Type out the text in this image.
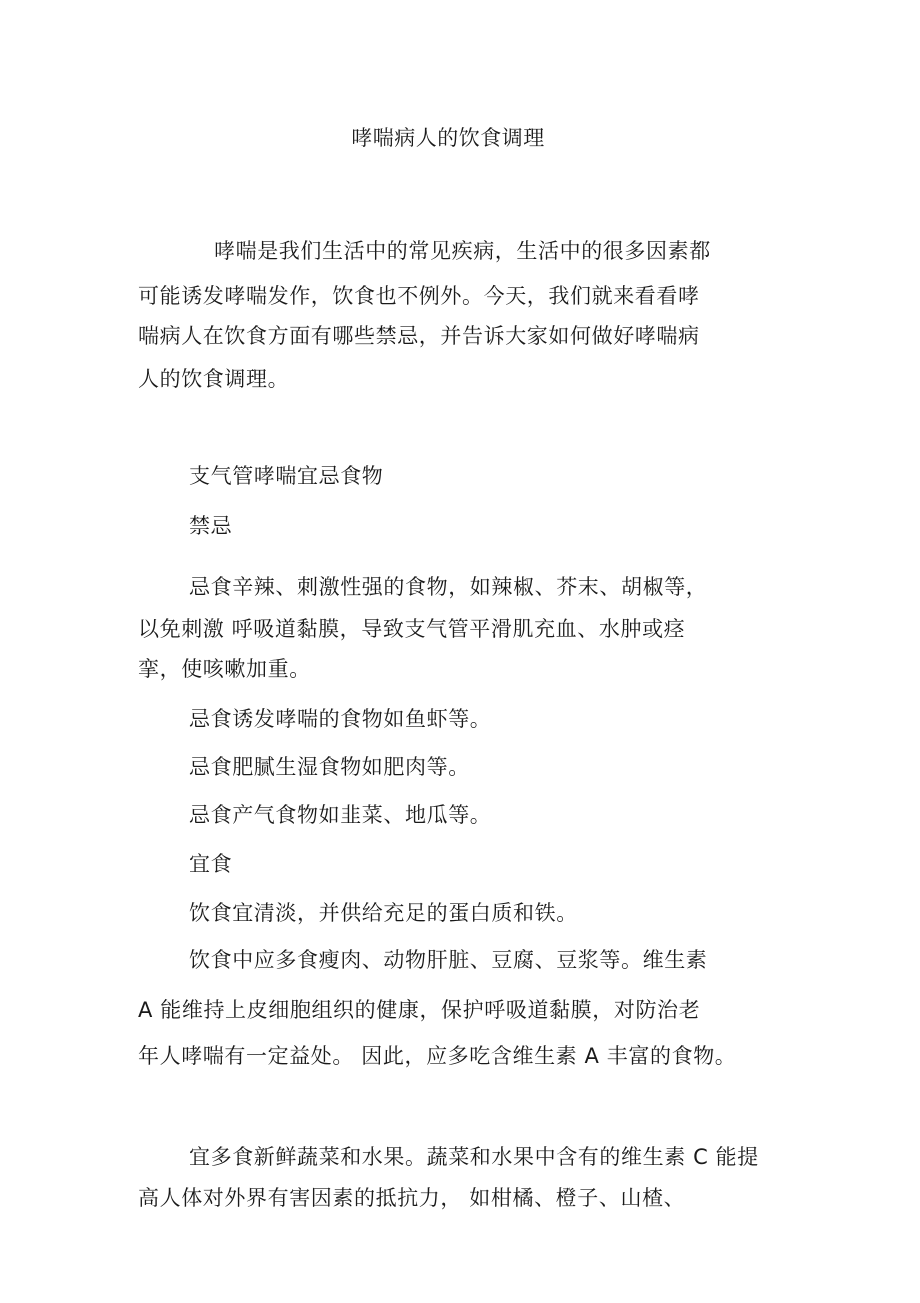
哮喘病人的饮食调理
哮喘是我们生活中的常见疾病，生活中的很多因素都
可能诱发哮喘发作，饮食也不例外。今天，我们就来看看哮
喘病人在饮食方面有哪些禁忌，并告诉大家如何做好哮喘病
人的饮食调理。
支气管哮喘宜忌食物
禁忌
忌食辛辣、刺激性强的食物，如辣椒、芥末、胡椒等，
以免刺激 呼吸道黏膜，导致支气管平滑肌充血、水肿或痉
挛，使咳嗽加重。
忌食诱发哮喘的食物如鱼虾等。
忌食肥腻生湿食物如肥肉等。
忌食产气食物如韭菜、地瓜等。
宜食
饮食宜清淡，并供给充足的蛋白质和铁。
饮食中应多食瘦肉、动物肝脏、豆腐、豆浆等。维生素
A 能维持上皮细胞组织的健康，保护呼吸道黏膜，对防治老
年人哮喘有一定益处。 因此，应多吃含维生素 A 丰富的食物。
宜多食新鲜蔬菜和水果。蔬菜和水果中含有的维生素 C 能提
高人体对外界有害因素的抵抗力， 如柑橘、橙子、山楂、
